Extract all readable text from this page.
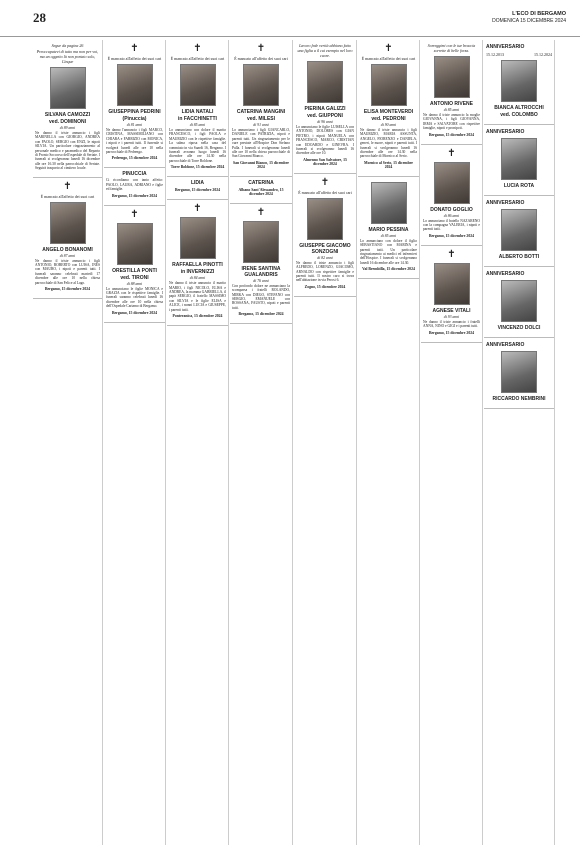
28	L'ECO DI BERGAMO
DOMENICA 15 DICEMBRE 2024
Segue da pagina 26
Preoccupatevi di tutto ma non per voi, ma un oggetto là non portato solo, Cinque
SILVANA CAMOZZI
ved. DOMINONI
di 89 anni
Ne danno il triste annuncio i figli MARINELLA con GIORGIO, ANDREA con PAOLO, SERGIO con ENZI, le nipoti SILVIA. Un particolare ringraziamento al personale medico e paramedico del Reparto di Pronto Soccorso dell'ospedale di Seriate. I funerali si svolgeranno lunedì 16 dicembre alle ore 16.30 nella parrocchiale di Seriate. Seguirà trasporto al cimitero locale.
✝
È mancato all'affetto dei suoi cari
ANGELO BONANOMI
di 87 anni
Ne danno il triste annuncio i figli ANTONIO, ROBERTO con LUISA, INES con MAURO, i nipoti e parenti tutti. I funerali saranno celebrati martedì 17 dicembre alle ore 10 nella chiesa parrocchiale di San Felice al Lago.
Bergamo, 15 dicembre 2024
✝
È mancato all'affetto dei suoi cari
GIUSEPPINA PEDRINI
(Pinuccia)
di 81 anni
Ne danno l'annuncio i figli MARCO, CRISTINA, MASSIMILIANO con CHIARA e FABRIZIO con MONICA, i nipoti e i parenti tutti. Il funerale si svolgerà lunedì alle ore 10 nella parrocchiale di Pedrengo.
Pedrengo, 15 dicembre 2024
PINUCCIA
Ci ricordiamo con tanto affetto: PAOLO, LAURA, ADRIANO e figlie ed famiglie.
Bergamo, 15 dicembre 2024
✝
ORESTILLA PONTI
ved. TIRONI
di 88 anni
Lo annunciano le figlie MONICA e GRAZIA con le rispettive famiglie. I funerali saranno celebrati lunedì 16 dicembre alle ore 10 nella chiesa dell'Ospedale Cariamo di Bergamo.
Bergamo, 15 dicembre 2024
✝
È mancato all'affetto dei suoi cari
LIDIA NATALI
in FACCHINETTI
di 85 anni
Lo annunciano con dolore il marito FRANCESCO, i figli PAOLA e MAURIZIO con le rispettive famiglie. La salma riposa nella casa del commiato in via Suardi 16, Bergamo. I funerali avranno luogo lunedì 16 dicembre alle ore 14.30 nella parrocchiale di Torre Boldone.
Torre Boldone, 15 dicembre 2024
LIDIA
Bergamo, 15 dicembre 2024
✝
RAFFAELLA PINOTTI
in INVERNIZZI
di 84 anni
Ne danno il triste annuncio il marito MARIO, i figli NICOLO, ELISA e ANDREA, la mamma GABRIELLA, il papà SERGIO, il fratello MASSIMO con SILVIA e le figlie ELISA e ALICE, i nonni LUCIA e GIUSEPPE, i parenti tutti.
Ponteranica, 15 dicembre 2024
✝
È mancato all'affetto dei suoi cari
CATERINA MANGINI
ved. MILESI
di 91 anni
Lo annunciano i figli GIANCARLO, DANIELE con PATRIZIA, nipoti e parenti tutti. Un ringraziamento per le cure prestate all'Hospice Don Stefano Palla. I funerali si svolgeranno lunedì alle ore 10 nella chiesa parrocchiale di San Giovanni Bianco.
San Giovanni Bianco, 15 dicembre 2024
CATERINA
Albano Sant'Alessandro, 15 dicembre 2024
✝
IRENE SANTINA GUALANDRIS
di 76 anni
Con profondo dolore ne annunciano la scomparsa i fratelli ROLANDO, MIRKA con DIEGO, STEFANO con SERGIO, EMANUELE con ROSSANA, FAUSTO, nipoti e parenti tutti.
Bergamo, 15 dicembre 2024
Lavoro fede verità abbiano fatto una figlia a il cui esempio nel loro cuore.
PIERINA GALIZZI
ved. GIUPPONI
di 96 anni
Lo annunciano le figlie LUISELLA con ANTONIO, DOLORES con GIAN PIETRO, i nipoti MANUELA con FRANCESCO, MARCO, CRISTIAN con EDOARDO e GINEVRA. I funerali si svolgeranno lunedì 16 dicembre alle ore 10.
Almenno San Salvatore, 15 dicembre 2024
✝
È mancato all'affetto dei suoi cari
GIUSEPPE GIACOMO SONZOGNI
di 82 anni
Ne danno il triste annuncio i figli ALFREDO, LORENZO, GIACOMO, ARNALDO con rispettive famiglie e parenti tutti. Il nostro caro si trova nell'abitazione in via Perosi 6.
Zogno, 15 dicembre 2024
✝
È mancato all'affetto dei suoi cari
ELISA MONTEVERDI
ved. PEDRONI
di 90 anni
Ne danno il triste annuncio i figli MAURIZIO, MARIA ASSUNTA, ANGELO, FIORENZO e DANIELA, generi, le nuore, nipoti e parenti tutti. I funerali si svolgeranno lunedì 16 dicembre alle ore 14.30 nella parrocchiale di Mornico al Serio.
Mornico al Serio, 15 dicembre 2024
MARIO PESSINA
di 85 anni
Lo annunciano con dolore il figlio SEBASTIANO con MARINA e parenti tutti. Un particolare ringraziamento ai medici ed infermieri dell'Hospice. I funerali si svolgeranno lunedì 16 dicembre alle ore 14.30.
Val Brembilla, 15 dicembre 2024
Sorreggimi con le tue braccia sorrette di belle forza.
ANTONIO RIVENE
di 85 anni
Ne danno il triste annuncio la moglie GIOVANNA, i figli GIOVANNA, IRMA e SALVATORE con rispettive famiglie, nipoti e pronipoti.
Bergamo, 15 dicembre 2024
✝
DONATO GOGLIO
di 86 anni
Lo annunciano il fratello NAZARENO con la compagna VALERIA, i nipoti e parenti tutti.
Bergamo, 15 dicembre 2024
✝
AGNESE VITALI
di 93 anni
Ne danno il triste annuncio i fratelli ANNA, NINO e GIGI e i parenti tutti.
Bergamo, 15 dicembre 2024
ANNIVERSARIO
15.12.2013	15.12.2024
BIANCA ALTROCCHI
ved. COLOMBO
ANNIVERSARIO
LUCIA ROTA
ANNIVERSARIO
ALBERTO BOTTI
ANNIVERSARIO
VINCENZO DOLCI
ANNIVERSARIO
RICCARDO NEMBRINI
